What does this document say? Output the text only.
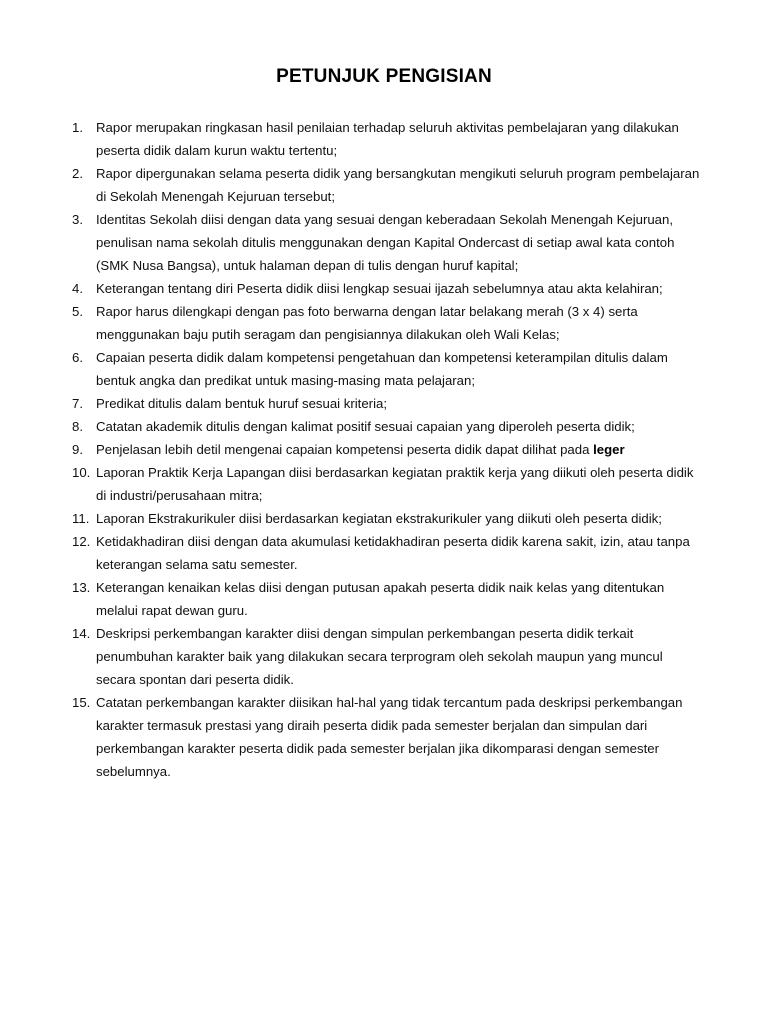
PETUNJUK PENGISIAN
1. Rapor merupakan ringkasan hasil penilaian terhadap seluruh aktivitas pembelajaran yang dilakukan peserta didik dalam kurun waktu tertentu;
2. Rapor dipergunakan selama peserta didik yang bersangkutan mengikuti seluruh program pembelajaran di Sekolah Menengah Kejuruan tersebut;
3. Identitas Sekolah diisi dengan data yang sesuai dengan keberadaan Sekolah Menengah Kejuruan, penulisan nama sekolah ditulis menggunakan dengan Kapital Ondercast di setiap awal kata contoh (SMK Nusa Bangsa), untuk halaman depan di tulis dengan huruf kapital;
4. Keterangan tentang diri Peserta didik diisi lengkap sesuai ijazah sebelumnya atau akta kelahiran;
5. Rapor harus dilengkapi dengan pas foto berwarna dengan latar belakang merah (3 x 4) serta menggunakan baju putih seragam dan pengisiannya dilakukan oleh Wali Kelas;
6. Capaian peserta didik dalam kompetensi pengetahuan dan kompetensi keterampilan ditulis dalam bentuk angka dan predikat untuk masing-masing mata pelajaran;
7. Predikat ditulis dalam bentuk huruf sesuai kriteria;
8. Catatan akademik ditulis dengan kalimat positif sesuai capaian yang diperoleh peserta didik;
9. Penjelasan lebih detil mengenai capaian kompetensi peserta didik dapat dilihat pada leger
10. Laporan Praktik Kerja Lapangan diisi berdasarkan kegiatan praktik kerja yang diikuti oleh peserta didik di industri/perusahaan mitra;
11. Laporan Ekstrakurikuler diisi berdasarkan kegiatan ekstrakurikuler yang diikuti oleh peserta didik;
12. Ketidakhadiran diisi dengan data akumulasi ketidakhadiran peserta didik karena sakit, izin, atau tanpa keterangan selama satu semester.
13. Keterangan kenaikan kelas diisi dengan putusan apakah peserta didik naik kelas yang ditentukan melalui rapat dewan guru.
14. Deskripsi perkembangan karakter diisi dengan simpulan perkembangan peserta didik terkait penumbuhan karakter baik yang dilakukan secara terprogram oleh sekolah maupun yang muncul secara spontan dari peserta didik.
15. Catatan perkembangan karakter diisikan hal-hal yang tidak tercantum pada deskripsi perkembangan karakter termasuk prestasi yang diraih peserta didik pada semester berjalan dan simpulan dari perkembangan karakter peserta didik pada semester berjalan jika dikomparasi dengan semester sebelumnya.
